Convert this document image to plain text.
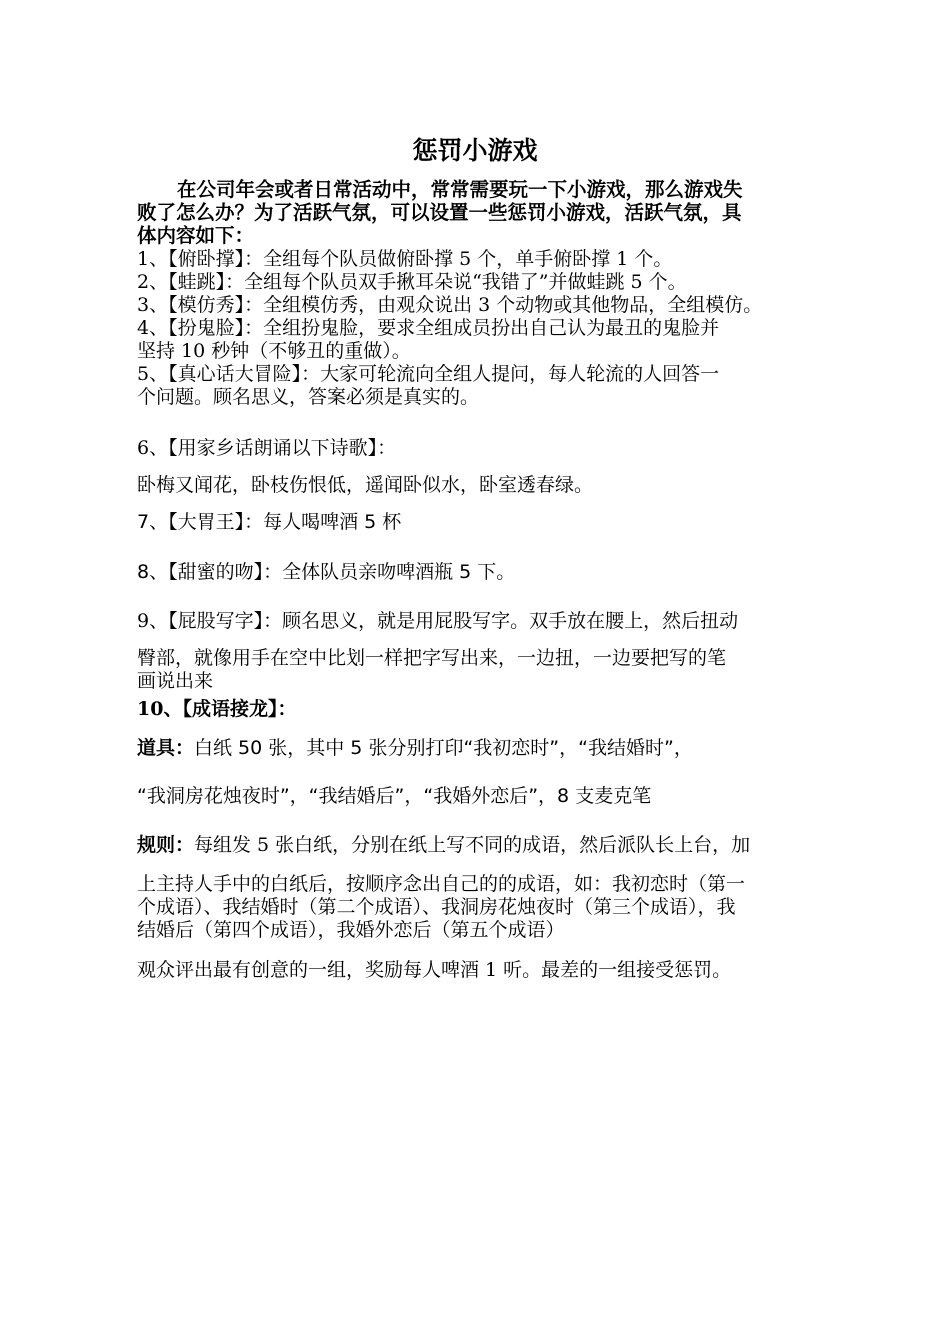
惩罚小游戏
在公司年会或者日常活动中，常常需要玩一下小游戏，那么游戏失
败了怎么办？为了活跃气氛，可以设置一些惩罚小游戏，活跃气氛，具
体内容如下：
1、【俯卧撑】：全组每个队员做俯卧撑 5 个，单手俯卧撑 1 个。
2、【蛙跳】：全组每个队员双手揪耳朵说“我错了”并做蛙跳 5 个。
3、【模仿秀】：全组模仿秀，由观众说出 3 个动物或其他物品，全组模仿。
4、【扮鬼脸】：全组扮鬼脸，要求全组成员扮出自己认为最丑的鬼脸并
坚持 10 秒钟（不够丑的重做）。
5、【真心话大冒险】：大家可轮流向全组人提问，每人轮流的人回答一
个问题。顾名思义，答案必须是真实的。
6、【用家乡话朗诵以下诗歌】：
卧梅又闻花，卧枝伤恨低，遥闻卧似水，卧室透春绿。
7、【大胃王】：每人喝啤酒 5 杯
8、【甜蜜的吻】：全体队员亲吻啤酒瓶 5 下。
9、【屁股写字】：顾名思义，就是用屁股写字。双手放在腰上，然后扭动
臀部，就像用手在空中比划一样把字写出来，一边扭，一边要把写的笔
画说出来
10、【成语接龙】：
道具：白纸 50 张，其中 5 张分别打印“我初恋时”，“我结婚时”，
“我洞房花烛夜时”，“我结婚后”，“我婚外恋后”，8 支麦克笔
规则：每组发 5 张白纸，分别在纸上写不同的成语，然后派队长上台，加
上主持人手中的白纸后，按顺序念出自己的的成语，如：我初恋时（第一
个成语）、我结婚时（第二个成语）、我洞房花烛夜时（第三个成语），我
结婚后（第四个成语），我婚外恋后（第五个成语）
观众评出最有创意的一组，奖励每人啤酒 1 听。最差的一组接受惩罚。
